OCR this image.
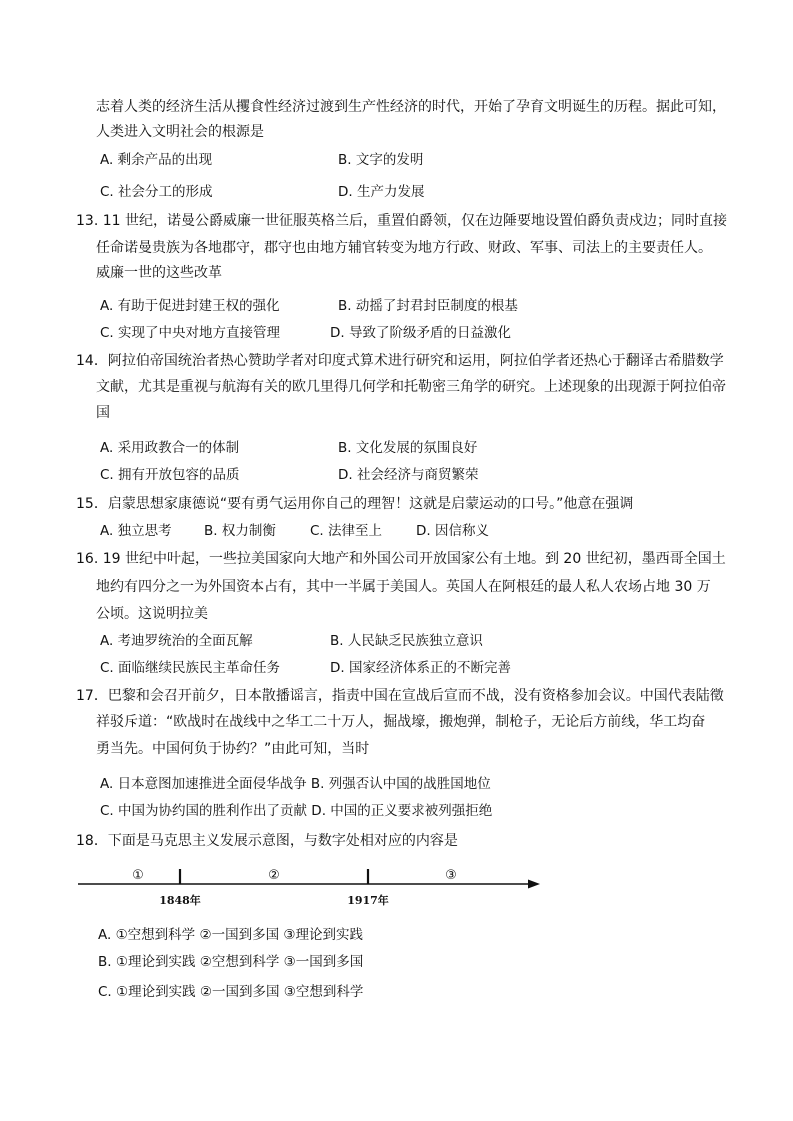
志着人类的经济生活从攫食性经济过渡到生产性经济的时代，开始了孕育文明诞生的历程。据此可知，
人类进入文明社会的根源是
A. 剩余产品的出现	B. 文字的发明
C. 社会分工的形成	D. 生产力发展
13. 11 世纪，诺曼公爵威廉一世征服英格兰后，重置伯爵领，仅在边陲要地设置伯爵负责戍边；同时直接
任命诺曼贵族为各地郡守，郡守也由地方辅官转变为地方行政、财政、军事、司法上的主要责任人。
威廉一世的这些改革
A. 有助于促进封建王权的强化	B. 动摇了封君封臣制度的根基
C. 实现了中央对地方直接管理	D. 导致了阶级矛盾的日益激化
14．阿拉伯帝国统治者热心赞助学者对印度式算术进行研究和运用，阿拉伯学者还热心于翻译古希腊数学
文献，尤其是重视与航海有关的欧几里得几何学和托勒密三角学的研究。上述现象的出现源于阿拉伯帝
国
A. 采用政教合一的体制	B. 文化发展的氛围良好
C. 拥有开放包容的品质	D. 社会经济与商贸繁荣
15．启蒙思想家康德说“要有勇气运用你自己的理智！这就是启蒙运动的口号。”他意在强调
A. 独立思考 B. 权力制衡	C. 法律至上	D. 因信称义
16. 19 世纪中叶起，一些拉美国家向大地产和外国公司开放国家公有土地。到 20 世纪初，墨西哥全国土
地约有四分之一为外国资本占有，其中一半属于美国人。英国人在阿根廷的最人私人农场占地 30 万
公顷。这说明拉美
A. 考迪罗统治的全面瓦解	B. 人民缺乏民族独立意识
C. 面临继续民族民主革命任务	D. 国家经济体系正的不断完善
17．巴黎和会召开前夕，日本散播谣言，指责中国在宣战后宣而不战，没有资格参加会议。中国代表陆徵
祥驳斥道：“欧战时在战线中之华工二十万人，掘战壕，搬炮弹，制枪子，无论后方前线，华工均奋
勇当先。中国何负于协约？”由此可知，当时
A. 日本意图加速推进全面侵华战争 B. 列强否认中国的战胜国地位
C. 中国为协约国的胜利作出了贡献 D. 中国的正义要求被列强拒绝
18．下面是马克思主义发展示意图，与数字处相对应的内容是
①	②	③
1848年	1917年
A. ①空想到科学 ②一国到多国 ③理论到实践
B. ①理论到实践 ②空想到科学 ③一国到多国
C. ①理论到实践 ②一国到多国 ③空想到科学
